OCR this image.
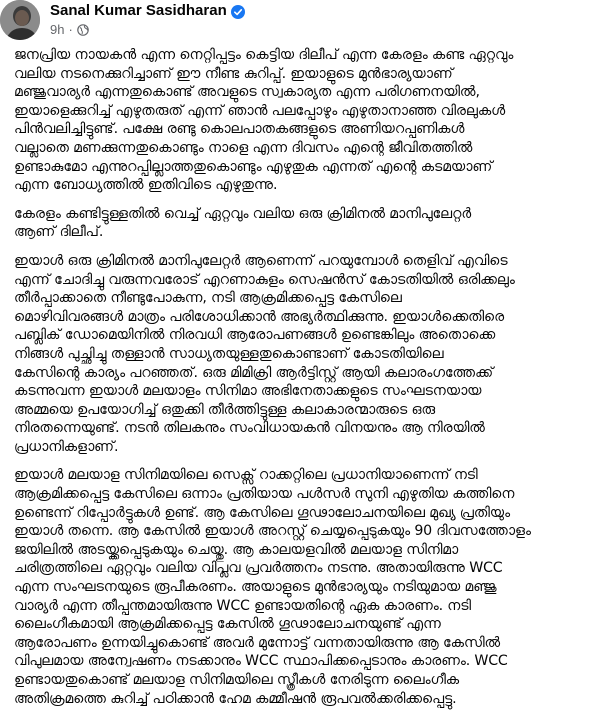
Sanal Kumar Sasidharan
9h ·

ജനപ്രിയ നായകൻ എന്ന നെറ്റിപ്പട്ടം കെട്ടിയ ദിലീപ് എന്ന കേരളം കണ്ട ഏറ്റവും
വലിയ നടനെക്കുറിച്ചാണ് ഈ നീണ്ട കുറിപ്പ്. ഇയാളുടെ മുൻഭാര്യയാണ്
മഞ്ജുവാര്യർ എന്നതുകൊണ്ട് അവളുടെ സ്വകാര്യത എന്ന പരിഗണനയിൽ,
ഇയാളെക്കുറിച്ച് എഴുതരുത് എന്ന് ഞാൻ പലപ്പോഴും എഴുതാനാഞ്ഞ വിരലുകൾ
പിൻവലിച്ചിട്ടുണ്ട്. പക്ഷേ രണ്ടു കൊലപാതകങ്ങളുടെ അണിയറപ്പണികൾ
വല്ലാതെ മണക്കുന്നതുകൊണ്ടും നാളെ എന്ന ദിവസം എന്റെ ജീവിതത്തിൽ
ഉണ്ടാകുമോ എന്നുറപ്പില്ലാത്തതുകൊണ്ടും എഴുതുക എന്നത് എന്റെ കടമയാണ്
എന്ന ബോധ്യത്തിൽ ഇതിവിടെ എഴുതുന്നു.

കേരളം കണ്ടിട്ടുള്ളതിൽ വെച്ച് ഏറ്റവും വലിയ ഒരു ക്രിമിനൽ മാനിപുലേറ്റർ
ആണ് ദിലീപ്.

ഇയാൾ ഒരു ക്രിമിനൽ മാനിപുലേറ്റർ ആണെന്ന് പറയുമ്പോൾ തെളിവ് എവിടെ
എന്ന് ചോദിച്ചു വരുന്നവരോട് എറണാകുളം സെഷൻസ് കോടതിയിൽ ഒരിക്കലും
തീർപ്പാക്കാതെ നീണ്ടുപോകുന്ന, നടി ആക്രമിക്കപ്പെട്ട കേസിലെ
മൊഴിവിവരങ്ങൾ മാത്രം പരിശോധിക്കാൻ അഭ്യർത്ഥിക്കുന്നു. ഇയാൾക്കെതിരെ
പബ്ലിക് ഡോമെയിനിൽ നിരവധി ആരോപണങ്ങൾ ഉണ്ടെങ്കിലും അതൊക്കെ
നിങ്ങൾ പുച്ഛിച്ചു തള്ളാൻ സാധ്യതയുള്ളതുകൊണ്ടാണ് കോടതിയിലെ
കേസിന്റെ കാര്യം പറഞ്ഞത്. ഒരു മിമിക്രി ആർട്ടിസ്റ്റ് ആയി കലാരംഗത്തേക്ക്
കടന്നുവന്ന ഇയാൾ മലയാളം സിനിമാ അഭിനേതാക്കളുടെ സംഘടനയായ
അമ്മയെ ഉപയോഗിച്ച് ഒതുക്കി തീർത്തിട്ടുള്ള കലാകാരന്മാരുടെ ഒരു
നിരതന്നെയുണ്ട്. നടൻ തിലകനും സംവിധായകൻ വിനയനും ആ നിരയിൽ
പ്രധാനികളാണ്.

ഇയാൾ മലയാള സിനിമയിലെ സെക്സ് റാക്കറ്റിലെ പ്രധാനിയാണെന്ന് നടി
ആക്രമിക്കപ്പെട്ട കേസിലെ ഒന്നാം പ്രതിയായ പൾസർ സുനി എഴുതിയ കത്തിനെ
ഉണ്ടെന്ന് റിപ്പോർട്ടുകൾ ഉണ്ട്. ആ കേസിലെ ഗൂഢാലോചനയിലെ മുഖ്യ പ്രതിയും
ഇയാൾ തന്നെ. ആ കേസിൽ ഇയാൾ അറസ്റ്റ് ചെയ്യപ്പെടുകയും 90 ദിവസത്തോളം
ജയിലിൽ അടയ്ക്കപ്പെടുകയും ചെയ്തു. ആ കാലയളവിൽ മലയാള സിനിമാ
ചരിത്രത്തിലെ ഏറ്റവും വലിയ വിപ്ലവ പ്രവർത്തനം നടന്നു. അതായിരുന്നു WCC
എന്ന സംഘടനയുടെ രൂപീകരണം. അയാളുടെ മുൻഭാര്യയും നടിയുമായ മഞ്ജു
വാര്യർ എന്ന തീപ്പന്തമായിരുന്നു WCC ഉണ്ടായതിന്റെ ഏക കാരണം. നടി
ലൈംഗീകമായി ആക്രമിക്കപ്പെട്ട കേസിൽ ഗൂഢാലോചനയുണ്ട് എന്ന
ആരോപണം ഉന്നയിച്ചുകൊണ്ട് അവർ മുന്നോട്ട് വന്നതായിരുന്നു ആ കേസിൽ
വിപുലമായ അന്വേഷണം നടക്കാനും WCC സ്ഥാപിക്കപ്പെടാനും കാരണം. WCC
ഉണ്ടായതുകൊണ്ട് മലയാള സിനിമയിലെ സ്ത്രീകൾ നേരിടുന്ന ലൈംഗീക
അതിക്രമത്തെ കുറിച്ച് പഠിക്കാൻ ഹേമ കമ്മീഷൻ രൂപവൽക്കരിക്കപ്പെട്ടു.
